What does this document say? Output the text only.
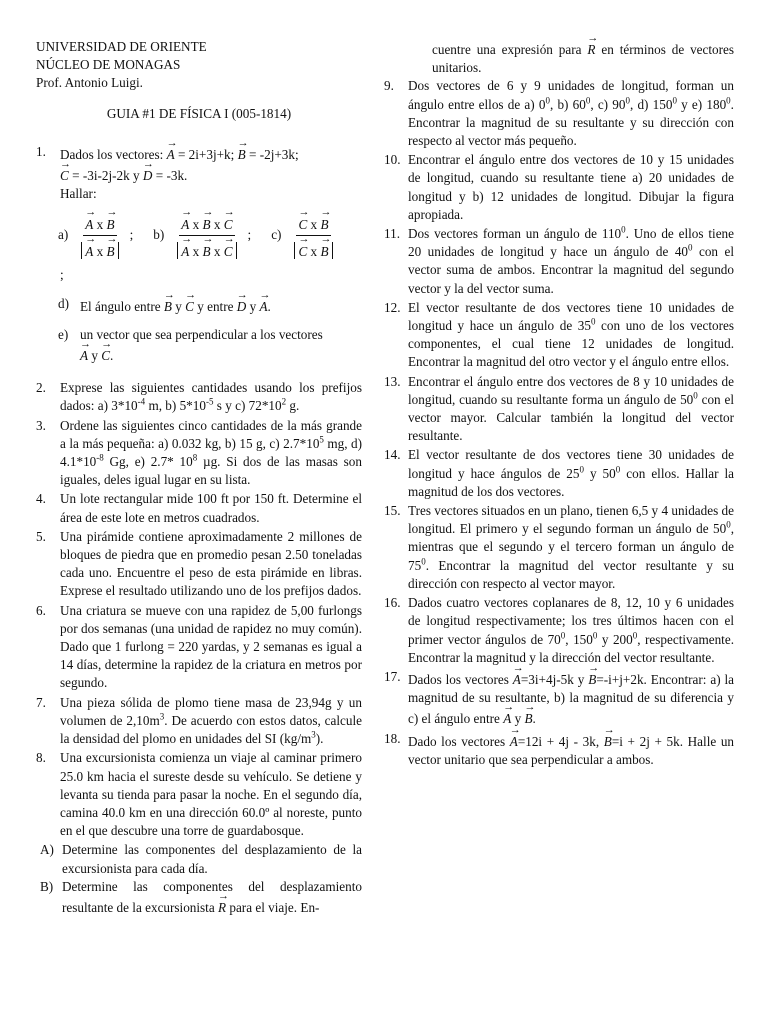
UNIVERSIDAD DE ORIENTE
NÚCLEO DE MONAGAS
Prof. Antonio Luigi.
GUIA #1 DE FÍSICA I (005-1814)
1.	Dados los vectores: → A = 2i+3j+k; → B = -2j+3k;
→ C = -3i-2j-2k y → D = -3k.
Hallar:
a) → A x → B
→ A x → B ; b) → A x → B x → C
→ A x → B x → C ; c) → C x → B
→ C x → B
;
d) El ángulo entre → B y → C y entre → D y → A.
e) un vector que sea perpendicular a los vectores
→ A y → C.
2.	Exprese las siguientes cantidades usando los prefijos dados: a) $3*10^{-4}$ m, b) $5*10^{-5}$ s y c) $72*10^2$ g.
3.	Ordene las siguientes cinco cantidades de la más grande a la más pequeña: a) 0.032 kg, b) 15 g, c) $2.7*10^5$ mg, d) $4.1*10^{-8}$ Gg, e) 2.7* $10^8$ µg. Si dos de las masas son iguales, deles igual lugar en su lista.
4.	Un lote rectangular mide 100 ft por 150 ft. Determine el área de este lote en metros cuadrados.
5.	Una pirámide contiene aproximadamente 2 millones de bloques de piedra que en promedio pesan 2.50 toneladas cada uno. Encuentre el peso de esta pirámide en libras. Exprese el resultado utilizando uno de los prefijos dados.
6.	Una criatura se mueve con una rapidez de 5,00 furlongs por dos semanas (una unidad de rapidez no muy común). Dado que 1 furlong = 220 yardas, y 2 semanas es igual a 14 días, determine la rapidez de la criatura en metros por segundo.
7.	Una pieza sólida de plomo tiene masa de 23,94g y un volumen de $2,10m^3$. De acuerdo con estos datos, calcule la densidad del plomo en unidades del SI $(kg/m^3)$.
8.	Una excursionista comienza un viaje al caminar primero 25.0 km hacia el sureste desde su vehículo. Se detiene y levanta su tienda para pasar la noche. En el segundo día, camina 40.0 km en una dirección 60.0º al noreste, punto en el que descubre una torre de guardabosque.
A) Determine las componentes del desplazamiento de la excursionista para cada día.
B) Determine las componentes del desplazamiento resultante de la excursionista → R para el viaje. En-
cuentre una expresión para → R en términos de vectores unitarios.
9.	Dos vectores de 6 y 9 unidades de longitud, forman un ángulo entre ellos de a) $0^0$, b) $60^0$, c) $90^0$, d) $150^0$ y e) $180^0$. Encontrar la magnitud de su resultante y su dirección con respecto al vector más pequeño.
10. Encontrar el ángulo entre dos vectores de 10 y 15 unidades de longitud, cuando su resultante tiene a) 20 unidades de longitud y b) 12 unidades de longitud. Dibujar la figura apropiada.
11. Dos vectores forman un ángulo de $110^0$. Uno de ellos tiene 20 unidades de longitud y hace un ángulo de $40^0$ con el vector suma de ambos. Encontrar la magnitud del segundo vector y la del vector suma.
12. El vector resultante de dos vectores tiene 10 unidades de longitud y hace un ángulo de $35^0$ con uno de los vectores componentes, el cual tiene 12 unidades de longitud. Encontrar la magnitud del otro vector y el ángulo entre ellos.
13. Encontrar el ángulo entre dos vectores de 8 y 10 unidades de longitud, cuando su resultante forma un ángulo de $50^0$ con el vector mayor. Calcular también la longitud del vector resultante.
14. El vector resultante de dos vectores tiene 30 unidades de longitud y hace ángulos de $25^0$ y $50^0$ con ellos. Hallar la magnitud de los dos vectores.
15. Tres vectores situados en un plano, tienen 6,5 y 4 unidades de longitud. El primero y el segundo forman un ángulo de $50^0$, mientras que el segundo y el tercero forman un ángulo de $75^0$. Encontrar la magnitud del vector resultante y su dirección con respecto al vector mayor.
16. Dados cuatro vectores coplanares de 8, 12, 10 y 6 unidades de longitud respectivamente; los tres últimos hacen con el primer vector ángulos de $70^0$, $150^0$ y $200^0$, respectivamente. Encontrar la magnitud y la dirección del vector resultante.
17. Dados los vectores → A=3i+4j-5k y → B=-i+j+2k. Encontrar: a) la magnitud de su resultante, b) la magnitud de su diferencia y c) el ángulo entre → A y → B.
18. Dado los vectores → A=12i + 4j - 3k, → B=i + 2j + 5k. Halle un vector unitario que sea perpendicular a ambos.
